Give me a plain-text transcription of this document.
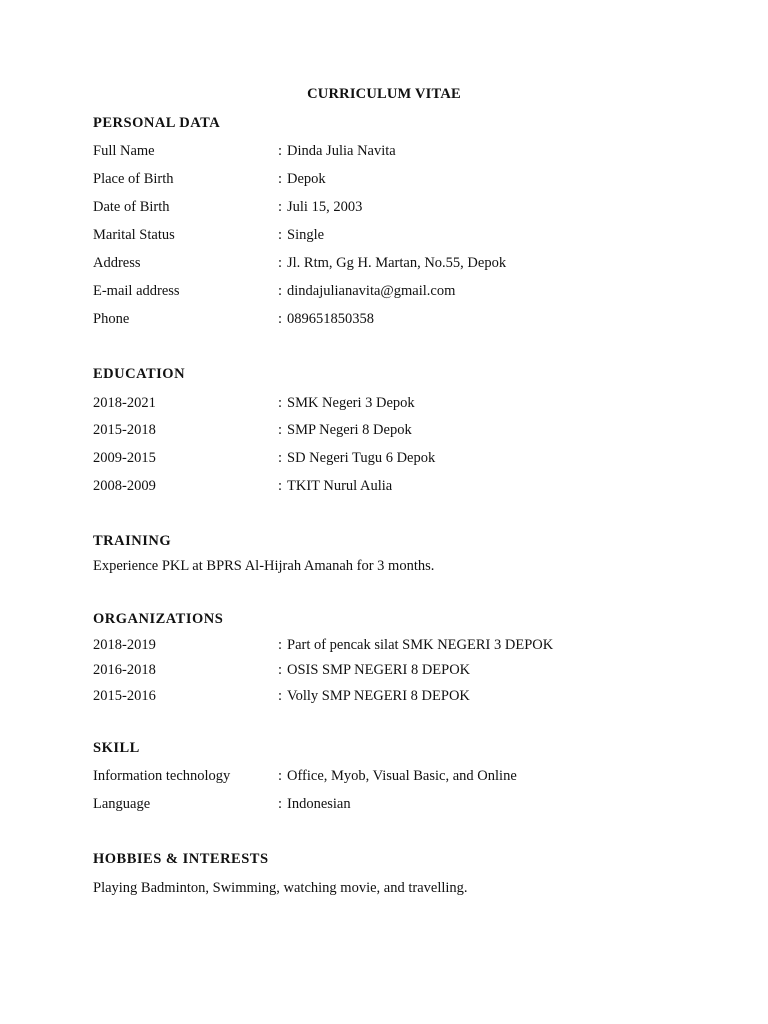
CURRICULUM VITAE
PERSONAL DATA
Full Name	: Dinda Julia Navita
Place of Birth	: Depok
Date of Birth	: Juli 15, 2003
Marital Status	: Single
Address	: Jl. Rtm, Gg H. Martan, No.55, Depok
E-mail address	: dindajulianavita@gmail.com
Phone	: 089651850358
EDUCATION
2018-2021	: SMK Negeri 3 Depok
2015-2018	: SMP Negeri 8 Depok
2009-2015	: SD Negeri Tugu 6 Depok
2008-2009	: TKIT Nurul Aulia
TRAINING
Experience PKL at BPRS Al-Hijrah Amanah for 3 months.
ORGANIZATIONS
2018-2019	: Part of pencak silat SMK NEGERI 3 DEPOK
2016-2018	: OSIS SMP NEGERI 8 DEPOK
2015-2016	: Volly SMP NEGERI 8 DEPOK
SKILL
Information technology	: Office, Myob, Visual Basic, and Online
Language	: Indonesian
HOBBIES & INTERESTS
Playing Badminton, Swimming, watching movie, and travelling.
